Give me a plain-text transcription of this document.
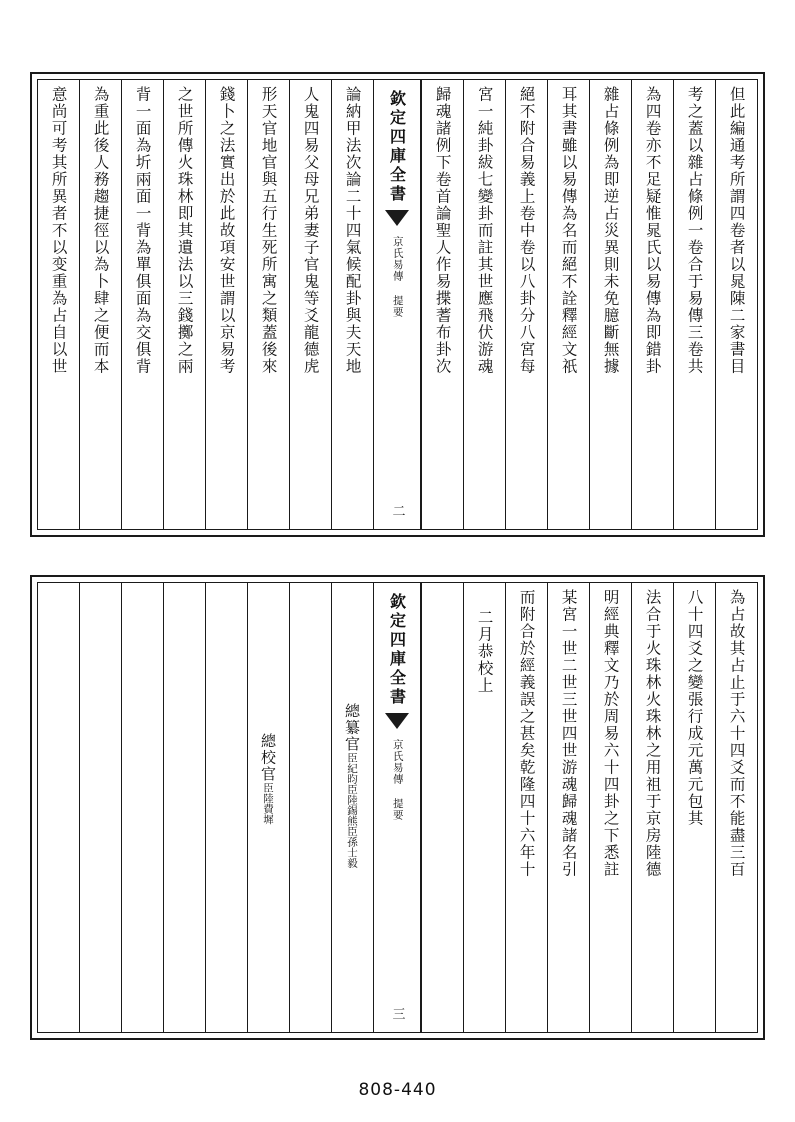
但此編通考所謂四卷者以晁陳二家書目
考之蓋以雜占條例一卷合于易傳三卷共
為四卷亦不足疑惟晁氏以易傳為即錯卦
雜占條例為即逆占災異則未免臆斷無據
耳其書雖以易傳為名而絕不詮釋經文祇
絕不附合易義上卷中卷以八卦分八宮每
宮一純卦紱七變卦而註其世應飛伏游魂
歸魂諸例下卷首論聖人作易揲蓍布卦次
欽定四庫全書
京氏易傳 提要
二
論納甲法次論二十四氣候配卦與夫天地
人鬼四易父母兄弟妻子官鬼等爻龍德虎
形天官地官與五行生死所寓之類蓋後來
錢卜之法實出於此故項安世謂以京易考
之世所傳火珠林即其遺法以三錢擲之兩
背一面為圻兩面一背為單俱面為交俱背
為重此後人務趨捷徑以為卜肆之便而本
意尚可考其所異者不以变重為占自以世
為占故其占止于六十四爻而不能盡三百
八十四爻之變張行成元萬元包其
法合于火珠林火珠林之用祖于京房陸德
明經典釋文乃於周易六十四卦之下悉註
某宮一世二世三世四世游魂歸魂諸名引
而附合於經義誤之甚矣乾隆四十六年十
二月恭校上
欽定四庫全書
京氏易傳 提要
三
總纂官臣紀昀臣陸錫熊臣孫士毅
總校官臣陸費墀
808-440
